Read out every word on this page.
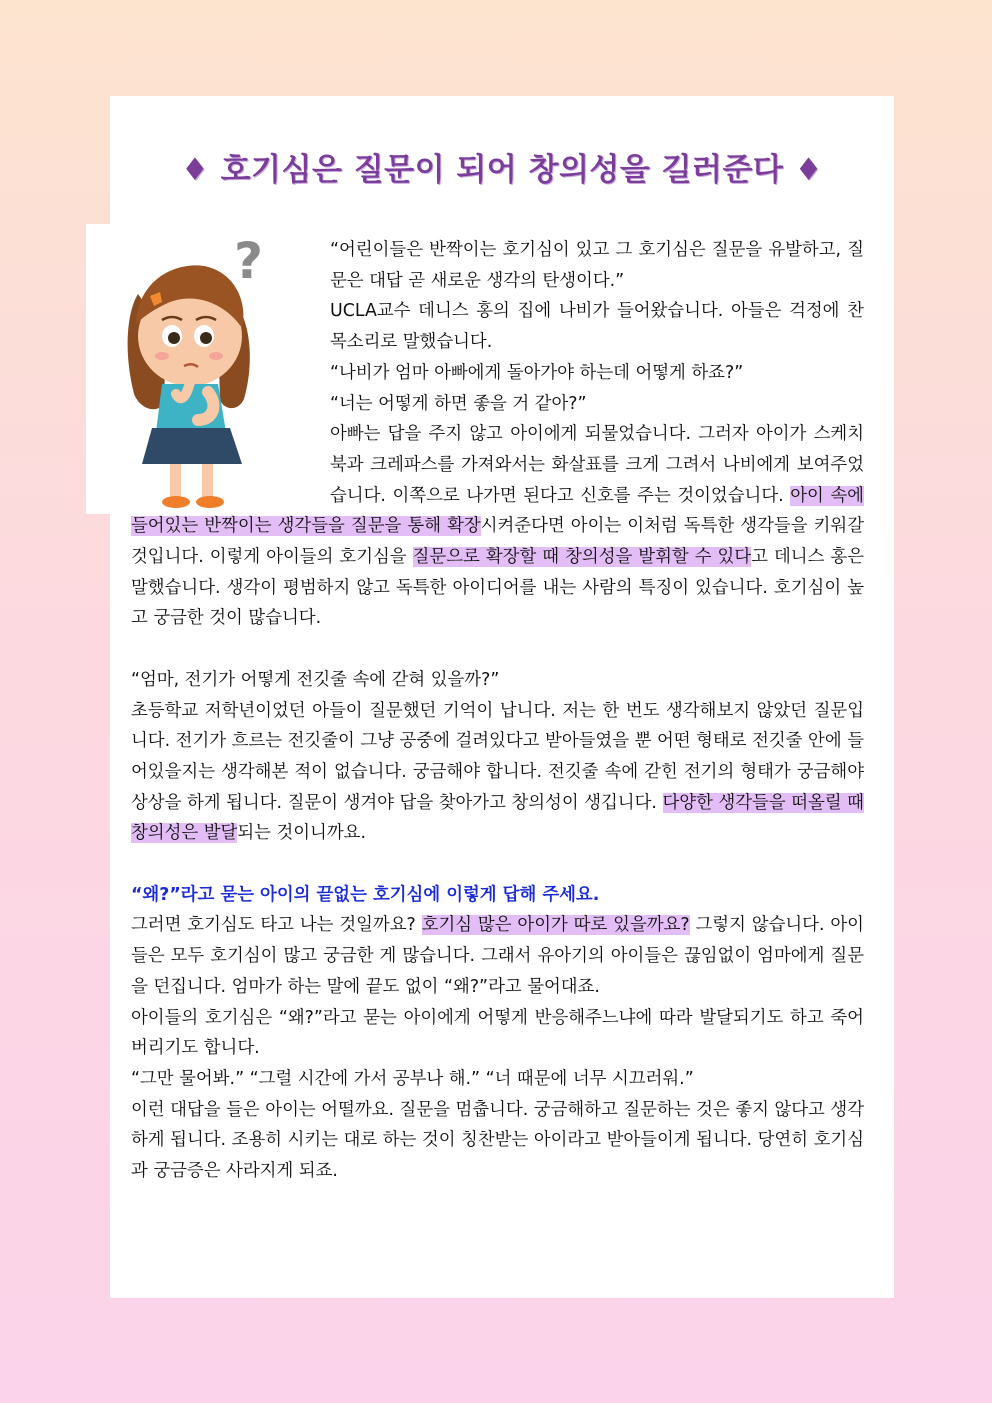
♦ 호기심은 질문이 되어 창의성을 길러준다 ♦
?	“어린이들은 반짝이는 호기심이 있고 그 호기심은 질문을 유발하고, 질문은 대답 곧 새로운 생각의 탄생이다.”
UCLA교수 데니스 홍의 집에 나비가 들어왔습니다. 아들은 걱정에 찬 목소리로 말했습니다.
“나비가 엄마 아빠에게 돌아가야 하는데 어떻게 하죠?”
“너는 어떻게 하면 좋을 거 같아?”
아빠는 답을 주지 않고 아이에게 되물었습니다. 그러자 아이가 스케치북과 크레파스를 가져와서는 화살표를 크게 그려서 나비에게 보여주었습니다. 이쪽으로 나가면 된다고 신호를 주는 것이었습니다. 아이 속에 들어있는 반짝이는 생각들을 질문을 통해 확장시켜준다면 아이는 이처럼 독특한 생각들을 키워갈 것입니다. 이렇게 아이들의 호기심을 질문으로 확장할 때 창의성을 발휘할 수 있다고 데니스 홍은 말했습니다. 생각이 평범하지 않고 독특한 아이디어를 내는 사람의 특징이 있습니다. 호기심이 높고 궁금한 것이 많습니다.

“엄마, 전기가 어떻게 전깃줄 속에 갇혀 있을까?”
초등학교 저학년이었던 아들이 질문했던 기억이 납니다. 저는 한 번도 생각해보지 않았던 질문입니다. 전기가 흐르는 전깃줄이 그냥 공중에 걸려있다고 받아들였을 뿐 어떤 형태로 전깃줄 안에 들어있을지는 생각해본 적이 없습니다. 궁금해야 합니다. 전깃줄 속에 갇힌 전기의 형태가 궁금해야 상상을 하게 됩니다. 질문이 생겨야 답을 찾아가고 창의성이 생깁니다. 다양한 생각들을 떠올릴 때 창의성은 발달되는 것이니까요.

“왜?”라고 묻는 아이의 끝없는 호기심에 이렇게 답해 주세요.
그러면 호기심도 타고 나는 것일까요? 호기심 많은 아이가 따로 있을까요? 그렇지 않습니다. 아이들은 모두 호기심이 많고 궁금한 게 많습니다. 그래서 유아기의 아이들은 끊임없이 엄마에게 질문을 던집니다. 엄마가 하는 말에 끝도 없이 “왜?”라고 물어대죠.
아이들의 호기심은 “왜?”라고 묻는 아이에게 어떻게 반응해주느냐에 따라 발달되기도 하고 죽어버리기도 합니다.
“그만 물어봐.” “그럴 시간에 가서 공부나 해.” “너 때문에 너무 시끄러워.”
이런 대답을 들은 아이는 어떨까요. 질문을 멈춥니다. 궁금해하고 질문하는 것은 좋지 않다고 생각하게 됩니다. 조용히 시키는 대로 하는 것이 칭찬받는 아이라고 받아들이게 됩니다. 당연히 호기심과 궁금증은 사라지게 되죠.
